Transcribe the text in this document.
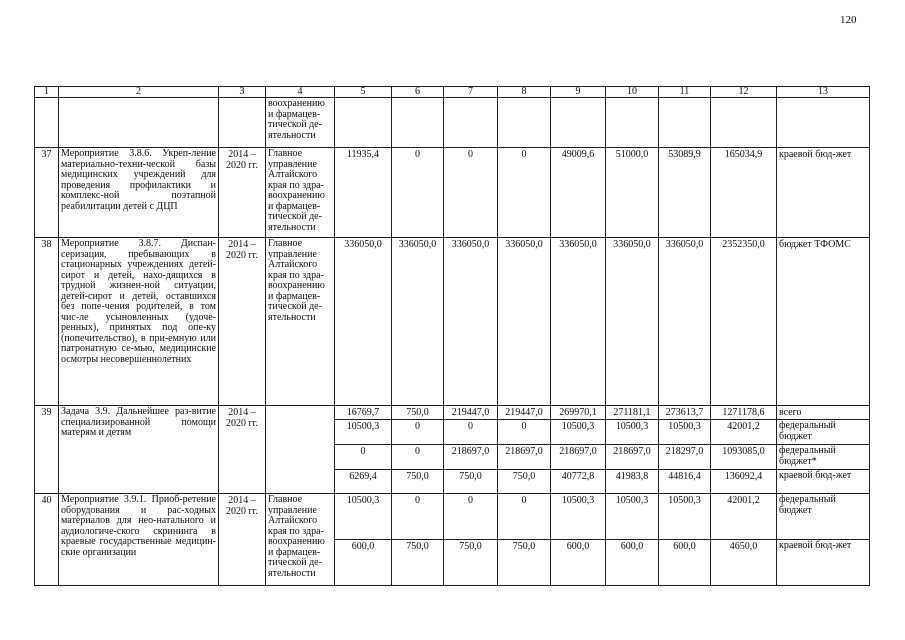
120
1	2	3	4	5	6	7	8	9	10	11	12	13
			воохранению и фармацев-тической де-ятельности									
37	Мероприятие 3.8.6. Укреп-ление материально-техни-ческой базы медицинских учреждений для проведения профилактики и комплекс-ной поэтапной реабилитации детей с ДЦП	2014 – 2020 гг.	Главное управление Алтайского края по здра-воохранению и фармацев-тической де-ятельности	11935,4	0	0	0	49009,6	51000,0	53089,9	165034,9	краевой бюд-жет
38	Мероприятие 3.8.7. Диспан-серизация, пребывающих в стационарных учреждениях детей-сирот и детей, нахо-дящихся в трудной жизнен-ной ситуации, детей-сирот и детей, оставшихся без попе-чения родителей, в том чис-ле усыновленных (удоче-ренных), принятых под опе-ку (попечительство), в при-емную или патронатную се-мью, медицинские осмотры несовершеннолетних	2014 – 2020 гг.	Главное управление Алтайского края по здра-воохранению и фармацев-тической де-ятельности	336050,0	336050,0	336050,0	336050,0	336050,0	336050,0	336050,0	2352350,0	бюджет ТФОМС
39	Задача 3.9. Дальнейшее раз-витие специализированной помощи матерям и детям	2014 – 2020 гг.		16769,7	750,0	219447,0	219447,0	269970,1	271181,1	273613,7	1271178,6	всего
				10500,3	0	0	0	10500,3	10500,3	10500,3	42001,2	федеральный бюджет
				0	0	218697,0	218697,0	218697,0	218697,0	218297,0	1093085,0	федеральный бюджет*
				6269,4	750,0	750,0	750,0	40772,8	41983,8	44816,4	136092,4	краевой бюд-жет
40	Мероприятие 3.9.1. Приоб-ретение оборудования и рас-ходных материалов для нео-натального и аудиологиче-ского скрининга в краевые государственные медицин-ские организации	2014 – 2020 гг.	Главное управление Алтайского края по здра-воохранению и фармацев-тической де-ятельности	10500,3	0	0	0	10500,3	10500,3	10500,3	42001,2	федеральный бюджет
				600,0	750,0	750,0	750,0	600,0	600,0	600,0	4650,0	краевой бюд-жет
